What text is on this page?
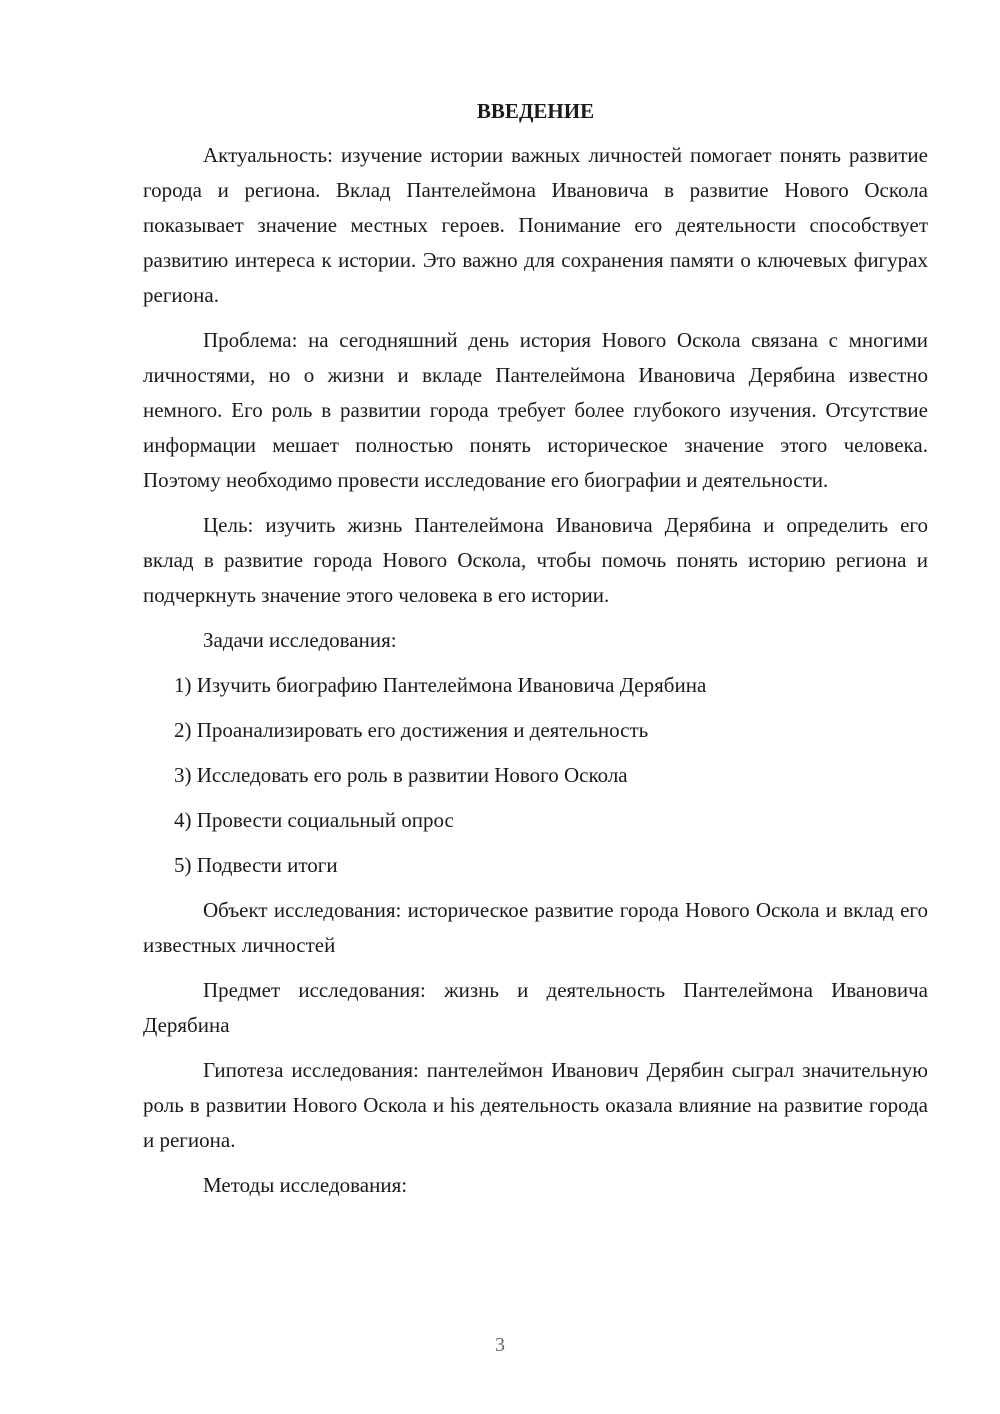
ВВЕДЕНИЕ

Актуальность: изучение истории важных личностей помогает понять развитие города и региона. Вклад Пантелеймона Ивановича в развитие Нового Оскола показывает значение местных героев. Понимание его деятельности способствует развитию интереса к истории. Это важно для сохранения памяти о ключевых фигурах региона.

Проблема: на сегодняшний день история Нового Оскола связана с многими личностями, но о жизни и вкладе Пантелеймона Ивановича Дерябина известно немного. Его роль в развитии города требует более глубокого изучения. Отсутствие информации мешает полностью понять историческое значение этого человека. Поэтому необходимо провести исследование его биографии и деятельности.

Цель: изучить жизнь Пантелеймона Ивановича Дерябина и определить его вклад в развитие города Нового Оскола, чтобы помочь понять историю региона и подчеркнуть значение этого человека в его истории.

Задачи исследования:

1) Изучить биографию Пантелеймона Ивановича Дерябина
2) Проанализировать его достижения и деятельность
3) Исследовать его роль в развитии Нового Оскола
4) Провести социальный опрос
5) Подвести итоги

Объект исследования: историческое развитие города Нового Оскола и вклад его известных личностей

Предмет исследования: жизнь и деятельность Пантелеймона Ивановича Дерябина

Гипотеза исследования: пантелеймон Иванович Дерябин сыграл значительную роль в развитии Нового Оскола и his деятельность оказала влияние на развитие города и региона.

Методы исследования:

3
